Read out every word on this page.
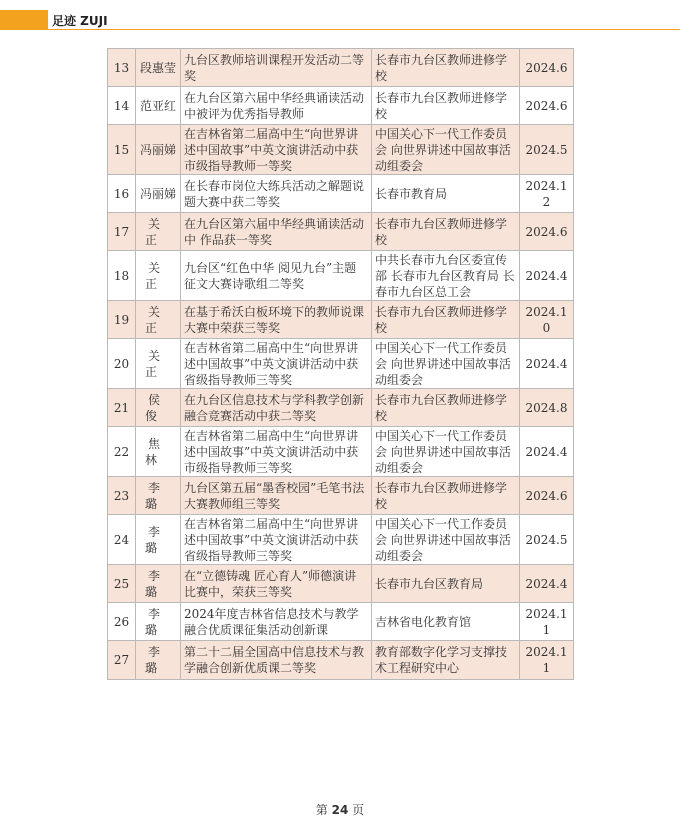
足迹 ZUJI
13	段惠莹	九台区教师培训课程开发活动二等奖	长春市九台区教师进修学校	2024.6
14	范亚红	在九台区第六届中华经典诵读活动中被评为优秀指导教师	长春市九台区教师进修学校	2024.6
15	冯丽娣	在吉林省第二届高中生“向世界讲述中国故事”中英文演讲活动中获市级指导教师一等奖	中国关心下一代工作委员会 向世界讲述中国故事活动组委会	2024.5
16	冯丽娣	在长春市岗位大练兵活动之解题说题大赛中获二等奖	长春市教育局	2024.12
17	关正	在九台区第六届中华经典诵读活动中 作品获一等奖	长春市九台区教师进修学校	2024.6
18	关正	九台区“红色中华 阅见九台”主题征文大赛诗歌组二等奖	中共长春市九台区委宣传部 长春市九台区教育局 长春市九台区总工会	2024.4
19	关正	在基于希沃白板环境下的教师说课大赛中荣获三等奖	长春市九台区教师进修学校	2024.10
20	关正	在吉林省第二届高中生“向世界讲述中国故事”中英文演讲活动中获省级指导教师三等奖	中国关心下一代工作委员会 向世界讲述中国故事活动组委会	2024.4
21	侯俊	在九台区信息技术与学科教学创新融合竞赛活动中获二等奖	长春市九台区教师进修学校	2024.8
22	焦林	在吉林省第二届高中生“向世界讲述中国故事”中英文演讲活动中获市级指导教师三等奖	中国关心下一代工作委员会 向世界讲述中国故事活动组委会	2024.4
23	李璐	九台区第五届“墨香校园”毛笔书法大赛教师组三等奖	长春市九台区教师进修学校	2024.6
24	李璐	在吉林省第二届高中生“向世界讲述中国故事”中英文演讲活动中获省级指导教师三等奖	中国关心下一代工作委员会 向世界讲述中国故事活动组委会	2024.5
25	李璐	在“立德铸魂 匠心育人”师德演讲比赛中，荣获三等奖	长春市九台区教育局	2024.4
26	李璐	2024年度吉林省信息技术与教学融合优质课征集活动创新课	吉林省电化教育馆	2024.11
27	李璐	第二十二届全国高中信息技术与教学融合创新优质课二等奖	教育部数字化学习支撑技术工程研究中心	2024.11
第 24 页
